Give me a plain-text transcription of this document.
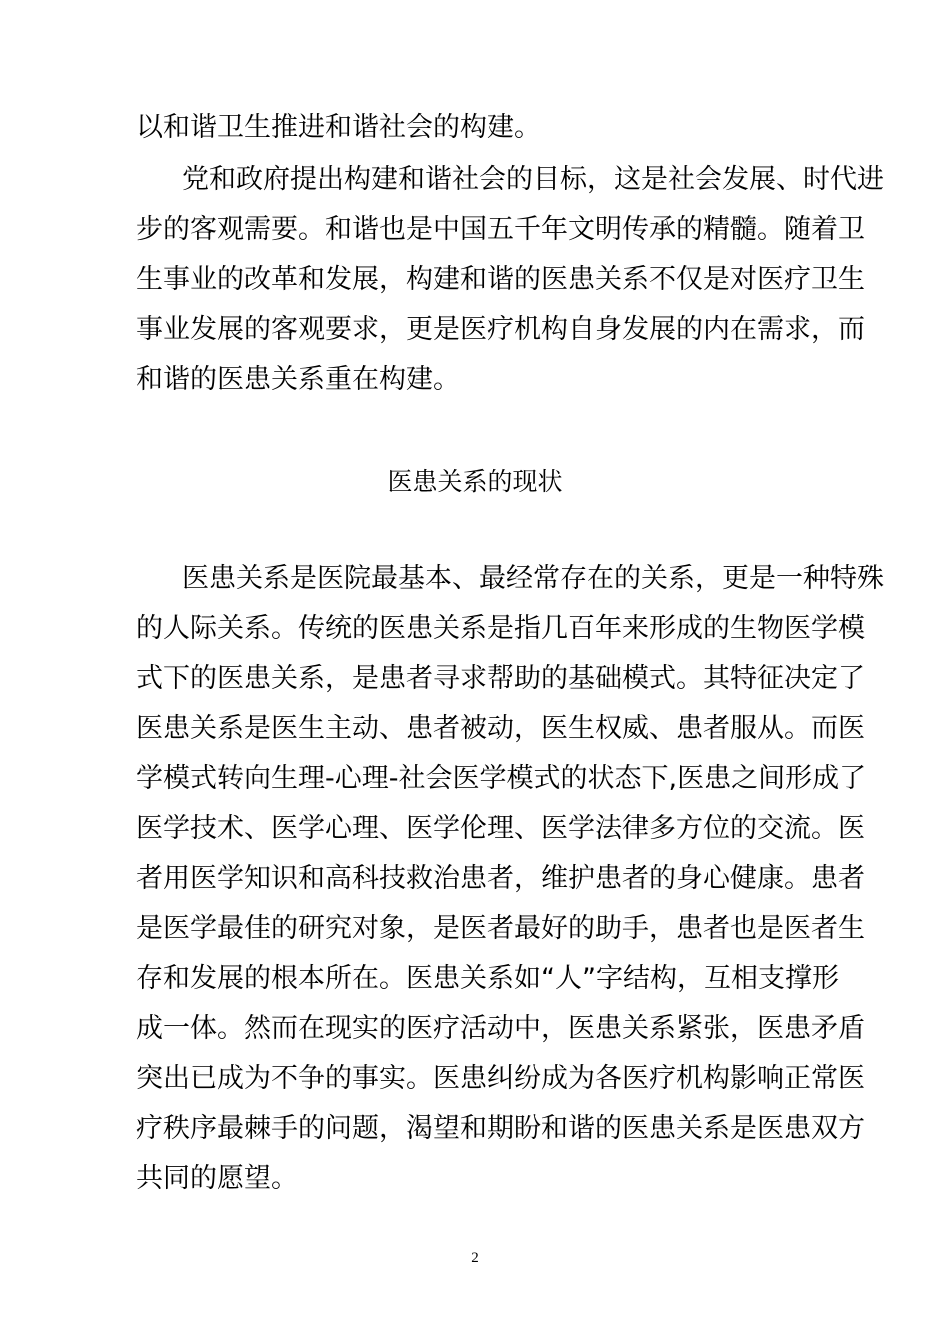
以和谐卫生推进和谐社会的构建。
党和政府提出构建和谐社会的目标，这是社会发展、时代进
步的客观需要。和谐也是中国五千年文明传承的精髓。随着卫
生事业的改革和发展，构建和谐的医患关系不仅是对医疗卫生
事业发展的客观要求，更是医疗机构自身发展的内在需求，而
和谐的医患关系重在构建。
医患关系的现状
医患关系是医院最基本、最经常存在的关系，更是一种特殊
的人际关系。传统的医患关系是指几百年来形成的生物医学模
式下的医患关系，是患者寻求帮助的基础模式。其特征决定了
医患关系是医生主动、患者被动，医生权威、患者服从。而医
学模式转向生理-心理-社会医学模式的状态下,医患之间形成了
医学技术、医学心理、医学伦理、医学法律多方位的交流。医
者用医学知识和高科技救治患者，维护患者的身心健康。患者
是医学最佳的研究对象，是医者最好的助手，患者也是医者生
存和发展的根本所在。医患关系如“人”字结构，互相支撑形
成一体。然而在现实的医疗活动中，医患关系紧张，医患矛盾
突出已成为不争的事实。医患纠纷成为各医疗机构影响正常医
疗秩序最棘手的问题，渴望和期盼和谐的医患关系是医患双方
共同的愿望。
2
